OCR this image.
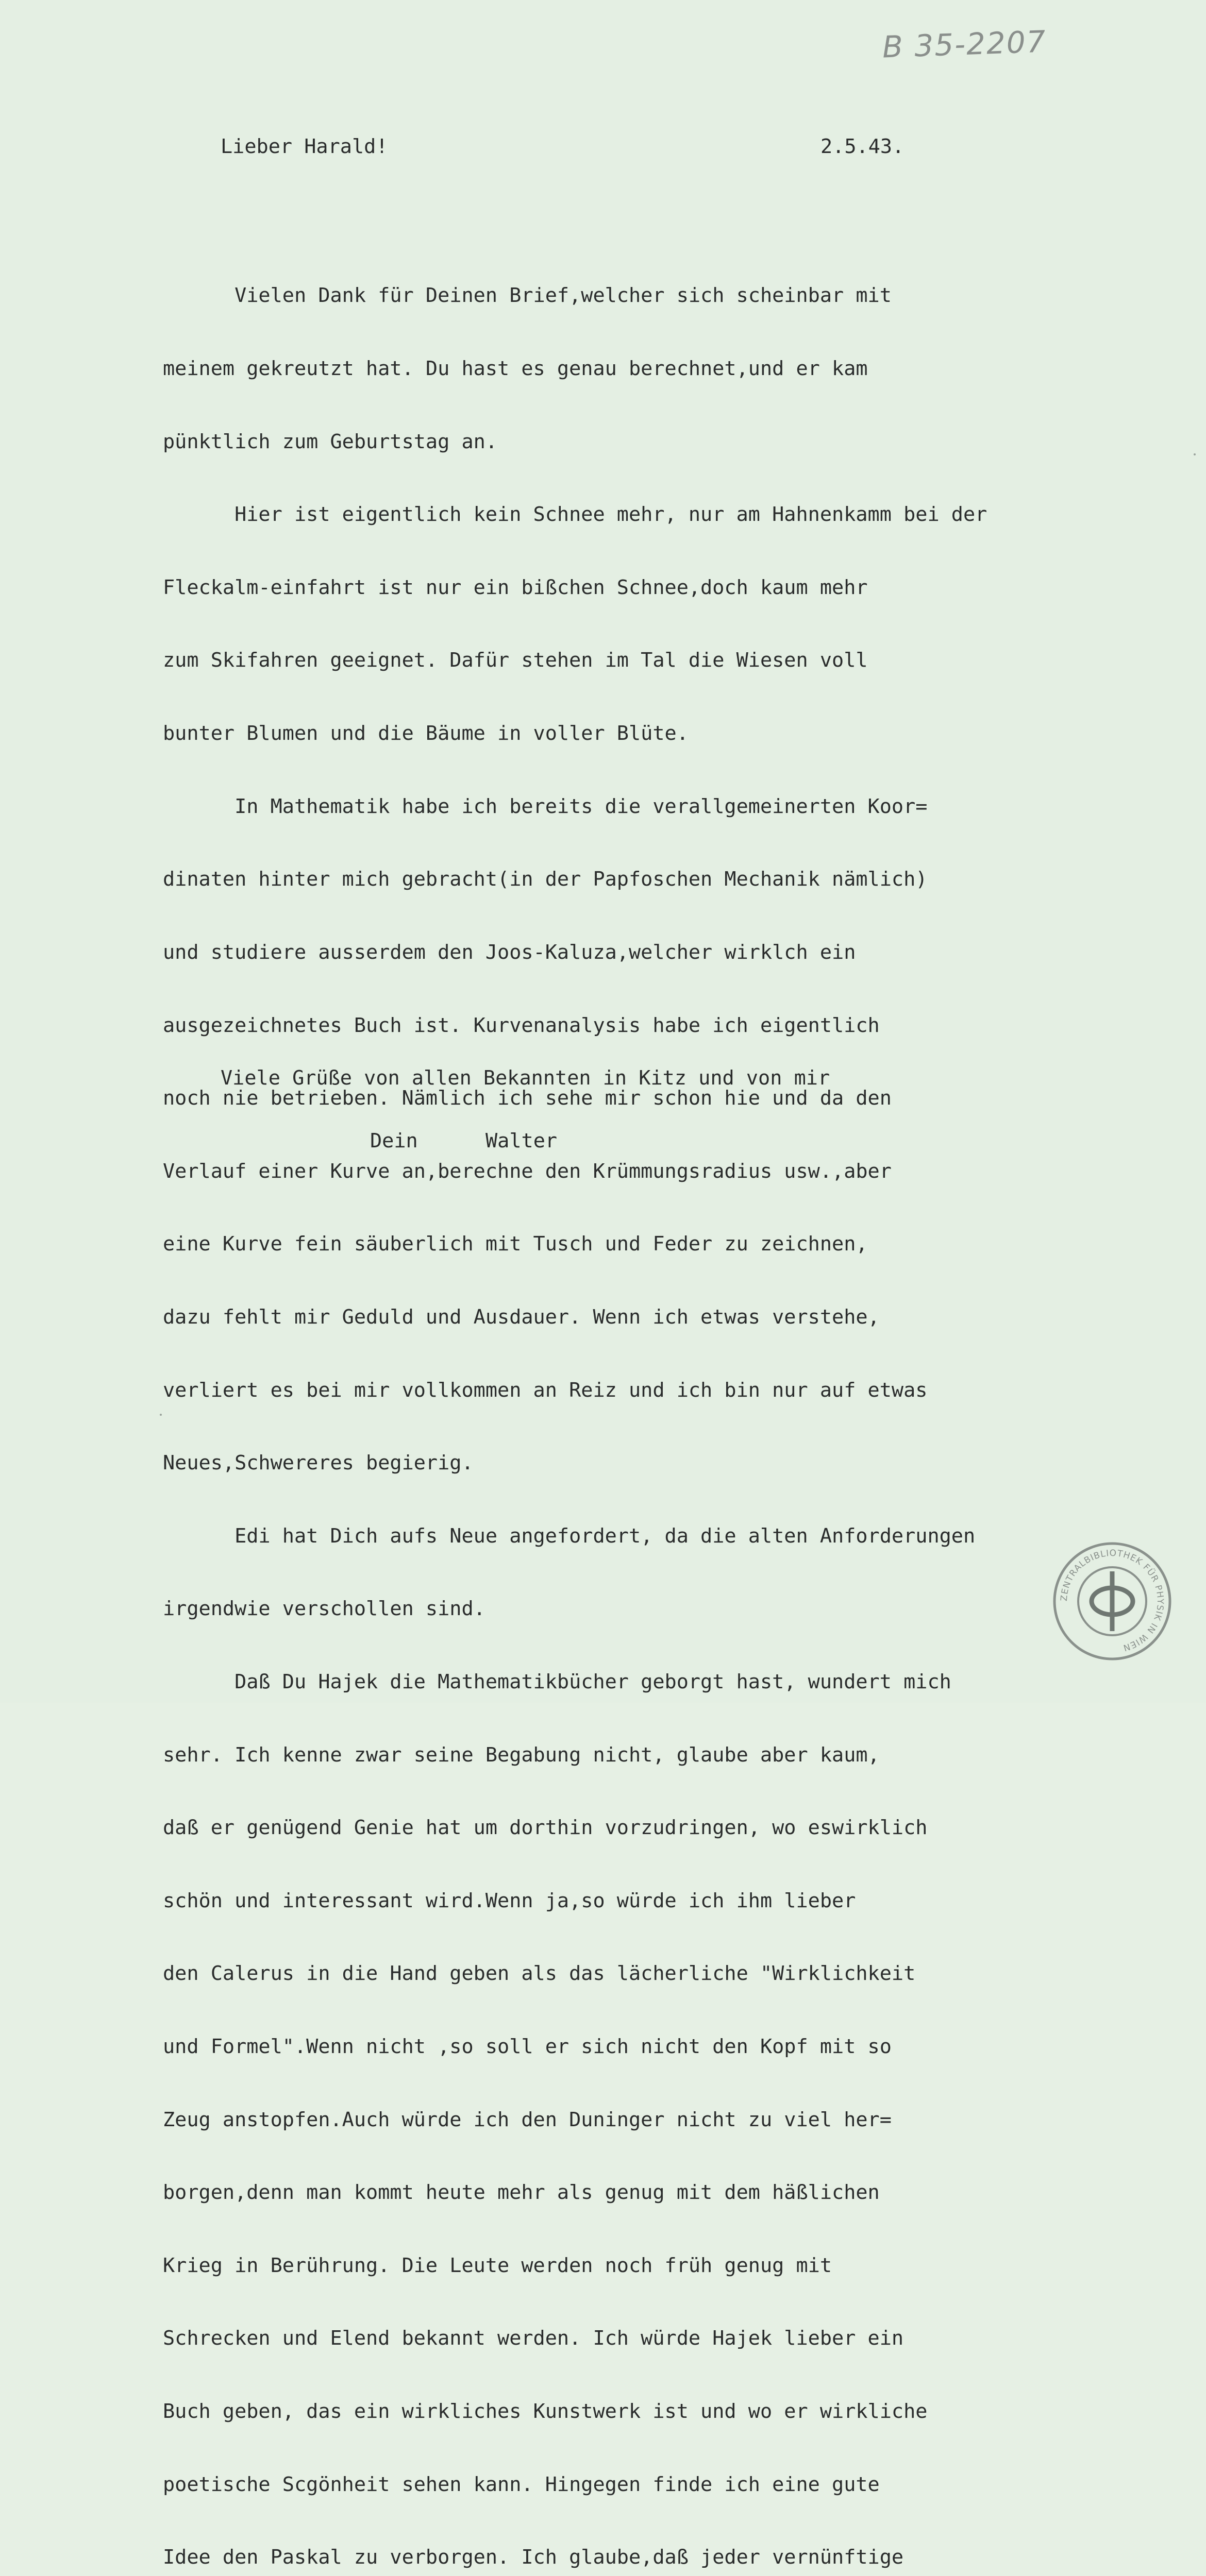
B 35-2207
Lieber Harald!	2.5.43.

Vielen Dank für Deinen Brief,welcher sich scheinbar mit

meinem gekreutzt hat. Du hast es genau berechnet,und er kam

pünktlich zum Geburtstag an.

Hier ist eigentlich kein Schnee mehr, nur am Hahnenkamm bei der

Fleckalm-einfahrt ist nur ein bißchen Schnee,doch kaum mehr

zum Skifahren geeignet. Dafür stehen im Tal die Wiesen voll

bunter Blumen und die Bäume in voller Blüte.

In Mathematik habe ich bereits die verallgemeinerten Koor=

dinaten hinter mich gebracht(in der Papfoschen Mechanik nämlich)

und studiere ausserdem den Joos-Kaluza,welcher wirklch ein

ausgezeichnetes Buch ist. Kurvenanalysis habe ich eigentlich

noch nie betrieben. Nämlich ich sehe mir schon hie und da den

Verlauf einer Kurve an,berechne den Krümmungsradius usw.,aber

eine Kurve fein säuberlich mit Tusch und Feder zu zeichnen,

dazu fehlt mir Geduld und Ausdauer. Wenn ich etwas verstehe,

verliert es bei mir vollkommen an Reiz und ich bin nur auf etwas

Neues,Schwereres begierig.

Edi hat Dich aufs Neue angefordert, da die alten Anforderungen

irgendwie verschollen sind.

Daß Du Hajek die Mathematikbücher geborgt hast, wundert mich

sehr. Ich kenne zwar seine Begabung nicht, glaube aber kaum,

daß er genügend Genie hat um dorthin vorzudringen, wo eswirklich

schön und interessant wird.Wenn ja,so würde ich ihm lieber

den Calerus in die Hand geben als das lächerliche "Wirklichkeit

und Formel".Wenn nicht ,so soll er sich nicht den Kopf mit so

Zeug anstopfen.Auch würde ich den Duninger nicht zu viel her=

borgen,denn man kommt heute mehr als genug mit dem häßlichen

Krieg in Berührung. Die Leute werden noch früh genug mit

Schrecken und Elend bekannt werden. Ich würde Hajek lieber ein

Buch geben, das ein wirkliches Kunstwerk ist und wo er wirkliche

poetische Scgönheit sehen kann. Hingegen finde ich eine gute

Idee den Paskal zu verborgen. Ich glaube,daß jeder vernünftige

Viele Grüße von allen Bekannten in Kitz und von mir
Dein	Walter
ZENTRALBIBLIOTHEK FÜR PHYSIK IN WIEN
